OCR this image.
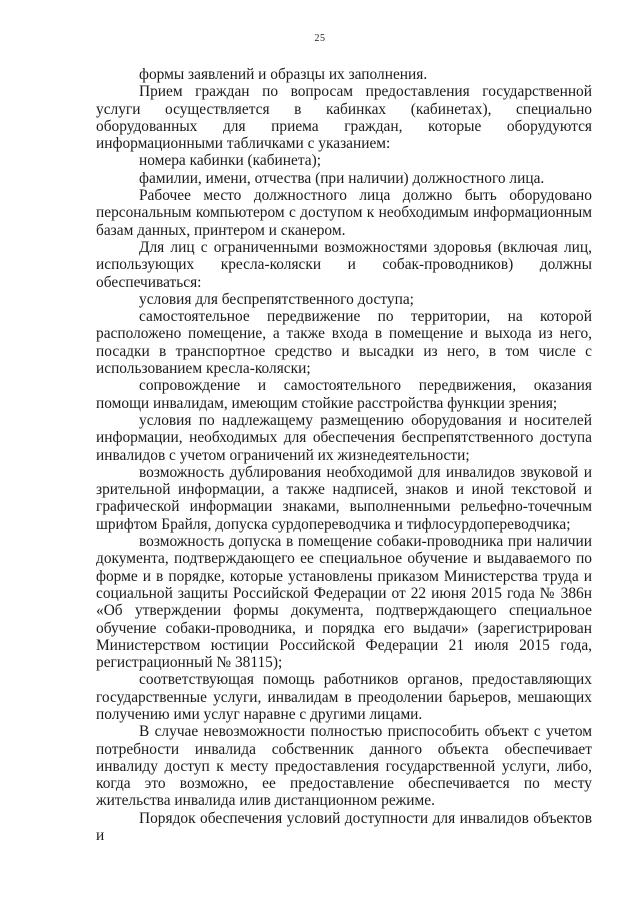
25

формы заявлений и образцы их заполнения.

Прием граждан по вопросам предоставления государственной услуги осуществляется в кабинках (кабинетах), специально оборудованных для приема граждан, которые оборудуются информационными табличками с указанием:

номера кабинки (кабинета);

фамилии, имени, отчества (при наличии) должностного лица.

Рабочее место должностного лица должно быть оборудовано персональным компьютером с доступом к необходимым информационным базам данных, принтером и сканером.

Для лиц с ограниченными возможностями здоровья (включая лиц, использующих кресла-коляски и собак-проводников) должны обеспечиваться:

условия для беспрепятственного доступа;

самостоятельное передвижение по территории, на которой расположено помещение, а также входа в помещение и выхода из него, посадки в транспортное средство и высадки из него, в том числе с использованием кресла-коляски;

сопровождение и самостоятельного передвижения, оказания помощи инвалидам, имеющим стойкие расстройства функции зрения;

условия по надлежащему размещению оборудования и носителей информации, необходимых для обеспечения беспрепятственного доступа инвалидов с учетом ограничений их жизнедеятельности;

возможность дублирования необходимой для инвалидов звуковой и зрительной информации, а также надписей, знаков и иной текстовой и графической информации знаками, выполненными рельефно-точечным шрифтом Брайля, допуска сурдопереводчика и тифлосурдопереводчика;

возможность допуска в помещение собаки-проводника при наличии документа, подтверждающего ее специальное обучение и выдаваемого по форме и в порядке, которые установлены приказом Министерства труда и социальной защиты Российской Федерации от 22 июня 2015 года № 386н «Об утверждении формы документа, подтверждающего специальное обучение собаки-проводника, и порядка его выдачи» (зарегистрирован Министерством юстиции Российской Федерации 21 июля 2015 года, регистрационный № 38115);

соответствующая помощь работников органов, предоставляющих государственные услуги, инвалидам в преодолении барьеров, мешающих получению ими услуг наравне с другими лицами.

В случае невозможности полностью приспособить объект с учетом потребности инвалида собственник данного объекта обеспечивает инвалиду доступ к месту предоставления государственной услуги, либо, когда это возможно, ее предоставление обеспечивается по месту жительства инвалида илив дистанционном режиме.

Порядок обеспечения условий доступности для инвалидов объектов и
